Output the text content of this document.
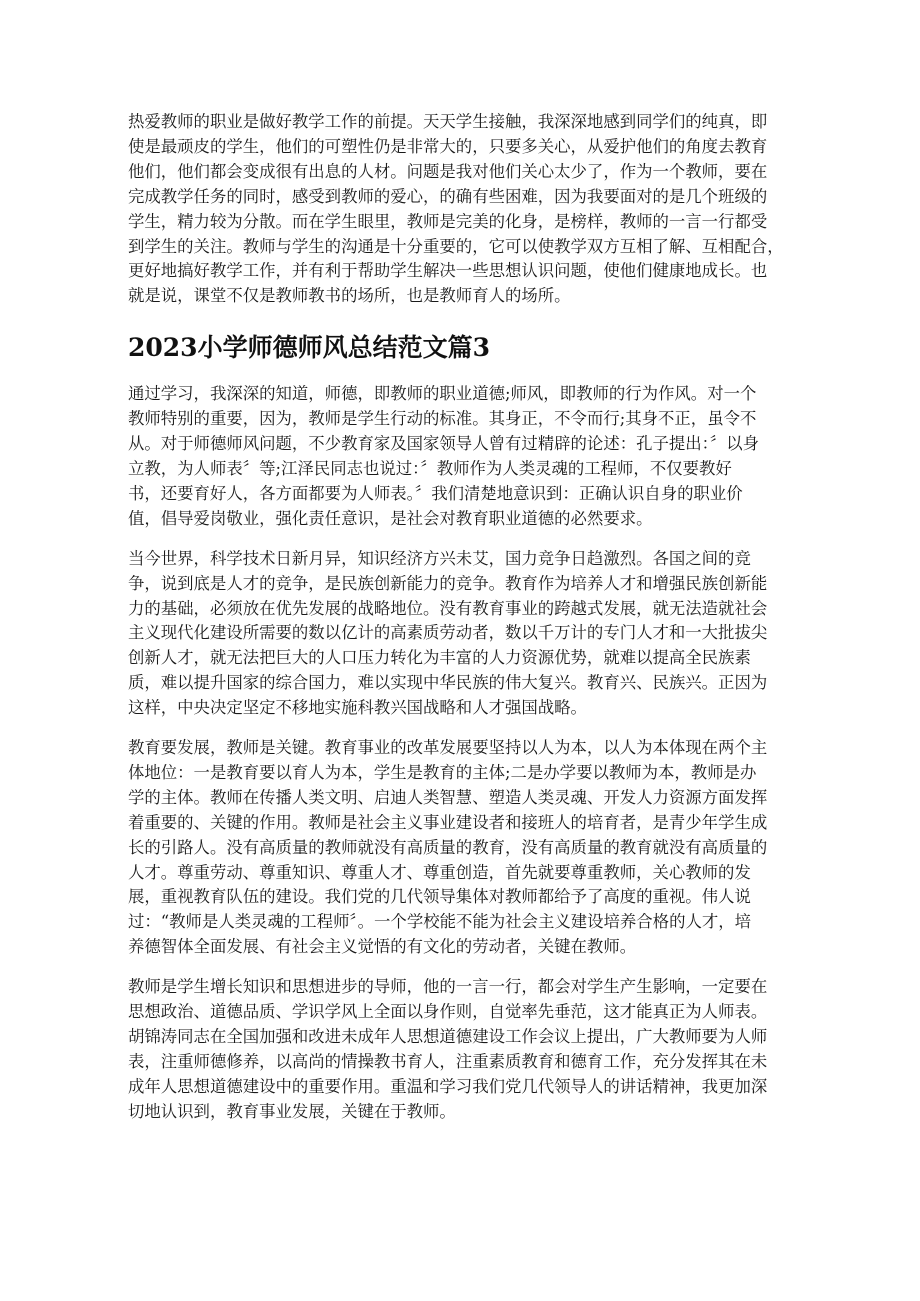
热爱教师的职业是做好教学工作的前提。天天学生接触，我深深地感到同学们的纯真，即
使是最顽皮的学生，他们的可塑性仍是非常大的，只要多关心，从爱护他们的角度去教育
他们，他们都会变成很有出息的人材。问题是我对他们关心太少了，作为一个教师，要在
完成教学任务的同时，感受到教师的爱心，的确有些困难，因为我要面对的是几个班级的
学生，精力较为分散。而在学生眼里，教师是完美的化身，是榜样，教师的一言一行都受
到学生的关注。教师与学生的沟通是十分重要的，它可以使教学双方互相了解、互相配合，
更好地搞好教学工作，并有利于帮助学生解决一些思想认识问题，使他们健康地成长。也
就是说，课堂不仅是教师教书的场所，也是教师育人的场所。
2023小学师德师风总结范文篇3
通过学习，我深深的知道，师德，即教师的职业道德;师风，即教师的行为作风。对一个
教师特别的重要，因为，教师是学生行动的标准。其身正，不令而行;其身不正，虽令不
从。对于师德师风问题，不少教育家及国家领导人曾有过精辟的论述：孔子提出：〞以身
立教，为人师表〞等;江泽民同志也说过：〞教师作为人类灵魂的工程师，不仅要教好
书，还要育好人，各方面都要为人师表。〞我们清楚地意识到：正确认识自身的职业价
值，倡导爱岗敬业，强化责任意识，是社会对教育职业道德的必然要求。
当今世界，科学技术日新月异，知识经济方兴未艾，国力竞争日趋激烈。各国之间的竞
争，说到底是人才的竞争，是民族创新能力的竞争。教育作为培养人才和增强民族创新能
力的基础，必须放在优先发展的战略地位。没有教育事业的跨越式发展，就无法造就社会
主义现代化建设所需要的数以亿计的高素质劳动者，数以千万计的专门人才和一大批拔尖
创新人才，就无法把巨大的人口压力转化为丰富的人力资源优势，就难以提高全民族素
质，难以提升国家的综合国力，难以实现中华民族的伟大复兴。教育兴、民族兴。正因为
这样，中央决定坚定不移地实施科教兴国战略和人才强国战略。
教育要发展，教师是关键。教育事业的改革发展要坚持以人为本，以人为本体现在两个主
体地位：一是教育要以育人为本，学生是教育的主体;二是办学要以教师为本，教师是办
学的主体。教师在传播人类文明、启迪人类智慧、塑造人类灵魂、开发人力资源方面发挥
着重要的、关键的作用。教师是社会主义事业建设者和接班人的培育者，是青少年学生成
长的引路人。没有高质量的教师就没有高质量的教育，没有高质量的教育就没有高质量的
人才。尊重劳动、尊重知识、尊重人才、尊重创造，首先就要尊重教师，关心教师的发
展，重视教育队伍的建设。我们党的几代领导集体对教师都给予了高度的重视。伟人说
过：“教师是人类灵魂的工程师〞。一个学校能不能为社会主义建设培养合格的人才，培
养德智体全面发展、有社会主义觉悟的有文化的劳动者，关键在教师。
教师是学生增长知识和思想进步的导师，他的一言一行，都会对学生产生影响，一定要在
思想政治、道德品质、学识学风上全面以身作则，自觉率先垂范，这才能真正为人师表。
胡锦涛同志在全国加强和改进未成年人思想道德建设工作会议上提出，广大教师要为人师
表，注重师德修养，以高尚的情操教书育人，注重素质教育和德育工作，充分发挥其在未
成年人思想道德建设中的重要作用。重温和学习我们党几代领导人的讲话精神，我更加深
切地认识到，教育事业发展，关键在于教师。
